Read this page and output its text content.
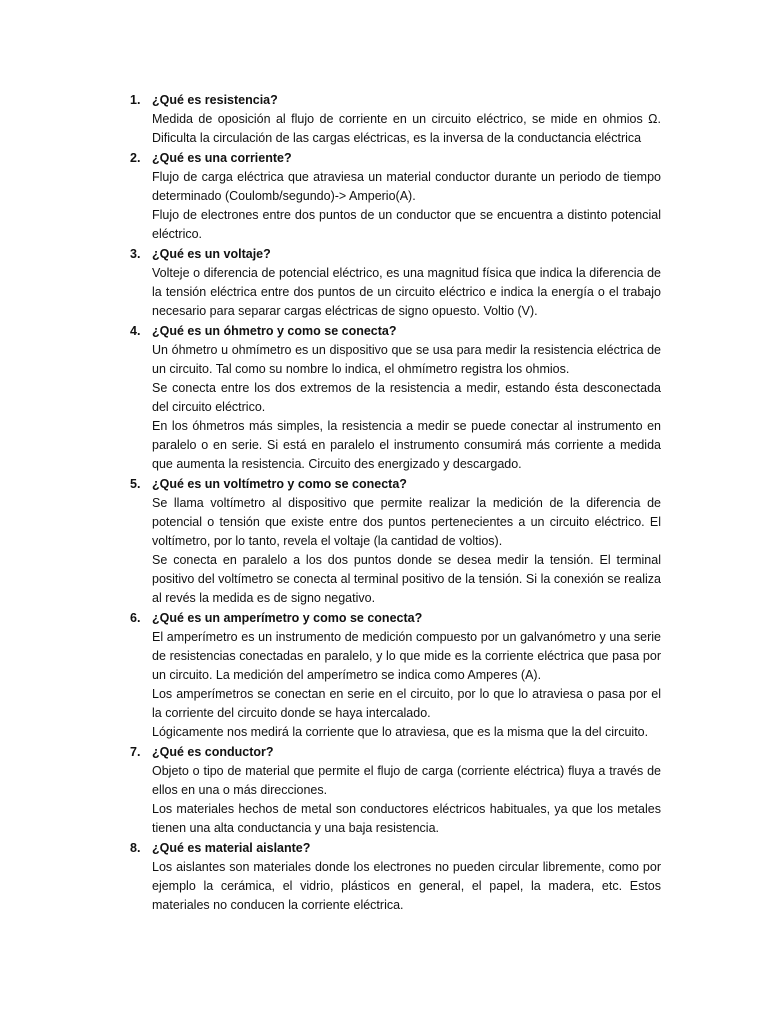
1. ¿Qué es resistencia?

Medida de oposición al flujo de corriente en un circuito eléctrico, se mide en ohmios Ω. Dificulta la circulación de las cargas eléctricas, es la inversa de la conductancia eléctrica

2. ¿Qué es una corriente?

Flujo de carga eléctrica que atraviesa un material conductor durante un periodo de tiempo determinado (Coulomb/segundo)-> Amperio(A).

Flujo de electrones entre dos puntos de un conductor que se encuentra a distinto potencial eléctrico.

3. ¿Qué es un voltaje?

Volteje o diferencia de potencial eléctrico, es una magnitud física que indica la diferencia de la tensión eléctrica entre dos puntos de un circuito eléctrico e indica la energía o el trabajo necesario para separar cargas eléctricas de signo opuesto. Voltio (V).

4. ¿Qué es un óhmetro y como se conecta?

Un óhmetro u ohmímetro es un dispositivo que se usa para medir la resistencia eléctrica de un circuito. Tal como su nombre lo indica, el ohmímetro registra los ohmios.

Se conecta entre los dos extremos de la resistencia a medir, estando ésta desconectada del circuito eléctrico.

En los óhmetros más simples, la resistencia a medir se puede conectar al instrumento en paralelo o en serie. Si está en paralelo el instrumento consumirá más corriente a medida que aumenta la resistencia. Circuito des energizado y descargado.

5. ¿Qué es un voltímetro y como se conecta?

Se llama voltímetro al dispositivo que permite realizar la medición de la diferencia de potencial o tensión que existe entre dos puntos pertenecientes a un circuito eléctrico. El voltímetro, por lo tanto, revela el voltaje (la cantidad de voltios).

Se conecta en paralelo a los dos puntos donde se desea medir la tensión. El terminal positivo del voltímetro se conecta al terminal positivo de la tensión. Si la conexión se realiza al revés la medida es de signo negativo.

6. ¿Qué es un amperímetro y como se conecta?

El amperímetro es un instrumento de medición compuesto por un galvanómetro y una serie de resistencias conectadas en paralelo, y lo que mide es la corriente eléctrica que pasa por un circuito. La medición del amperímetro se indica como Amperes (A).

Los amperímetros se conectan en serie en el circuito, por lo que lo atraviesa o pasa por el la corriente del circuito donde se haya intercalado.

Lógicamente nos medirá la corriente que lo atraviesa, que es la misma que la del circuito.

7. ¿Qué es conductor?

Objeto o tipo de material que permite el flujo de carga (corriente eléctrica) fluya a través de ellos en una o más direcciones.

Los materiales hechos de metal son conductores eléctricos habituales, ya que los metales tienen una alta conductancia y una baja resistencia.

8. ¿Qué es material aislante?

Los aislantes son materiales donde los electrones no pueden circular libremente, como por ejemplo la cerámica, el vidrio, plásticos en general, el papel, la madera, etc. Estos materiales no conducen la corriente eléctrica.
